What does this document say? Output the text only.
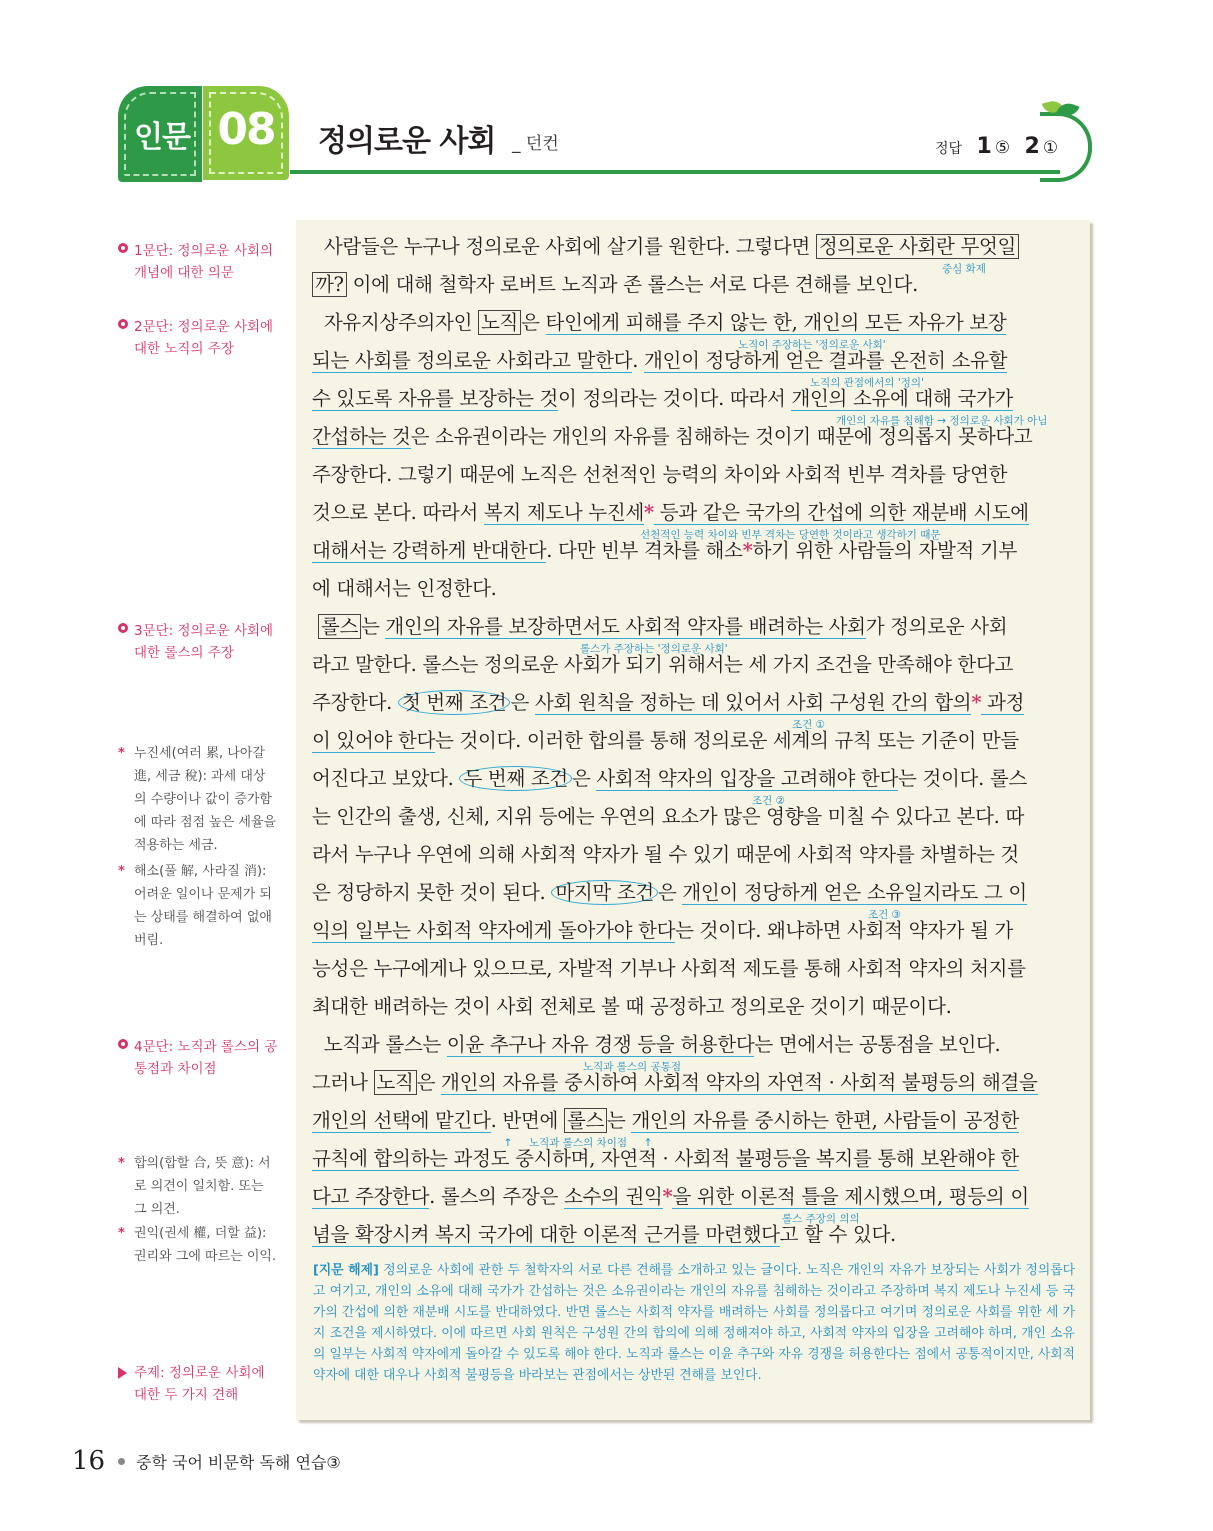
인문 08	정의로운 사회 _ 던컨	정답 1 ⑤ 2 ①
1문단: 정의로운 사회의 개념에 대한 의문
2문단: 정의로운 사회에 대한 노직의 주장
3문단: 정의로운 사회에 대한 롤스의 주장
* 누진세(여러 累, 나아갈 進, 세금 稅): 과세 대상의 수량이나 값이 증가함에 따라 점점 높은 세율을 적용하는 세금.
* 해소(풀 解, 사라질 消): 어려운 일이나 문제가 되는 상태를 해결하여 없애 버림.
4문단: 노직과 롤스의 공통점과 차이점
* 합의(합할 合, 뜻 意): 서로 의견이 일치함. 또는 그 의견.
* 권익(권세 權, 더할 益): 권리와 그에 따르는 이익.
주제: 정의로운 사회에 대한 두 가지 견해
사람들은 누구나 정의로운 사회에 살기를 원한다. 그렇다면 정의로운 사회란 무엇일
까? 이에 대해 철학자 로버트 노직과 존 롤스는 서로 다른 견해를 보인다.
자유지상주의자인 노직 은 타인에게 피해를 주지 않는 한, 개인의 모든 자유가 보장
되는 사회를 정의로운 사회라고 말한다. 개인이 정당하게 얻은 결과를 온전히 소유할
수 있도록 자유를 보장하는 것이 정의라는 것이다. 따라서 개인의 소유에 대해 국가가
간섭하는 것은 소유권이라는 개인의 자유를 침해하는 것이기 때문에 정의롭지 못하다고
주장한다. 그렇기 때문에 노직은 선천적인 능력의 차이와 사회적 빈부 격차를 당연한
것으로 본다. 따라서 복지 제도나 누진세* 등과 같은 국가의 간섭에 의한 재분배 시도에
대해서는 강력하게 반대한다. 다만 빈부 격차를 해소*하기 위한 사람들의 자발적 기부
에 대해서는 인정한다.
롤스 는 개인의 자유를 보장하면서도 사회적 약자를 배려하는 사회가 정의로운 사회
라고 말한다. 롤스는 정의로운 사회가 되기 위해서는 세 가지 조건을 만족해야 한다고
주장한다. 첫 번째 조건 은 사회 원칙을 정하는 데 있어서 사회 구성원 간의 합의* 과정
이 있어야 한다는 것이다. 이러한 합의를 통해 정의로운 세계의 규칙 또는 기준이 만들
어진다고 보았다. 두 번째 조건 은 사회적 약자의 입장을 고려해야 한다는 것이다. 롤스
는 인간의 출생, 신체, 지위 등에는 우연의 요소가 많은 영향을 미칠 수 있다고 본다. 따
라서 누구나 우연에 의해 사회적 약자가 될 수 있기 때문에 사회적 약자를 차별하는 것
은 정당하지 못한 것이 된다. 마지막 조건 은 개인이 정당하게 얻은 소유일지라도 그 이
익의 일부는 사회적 약자에게 돌아가야 한다는 것이다. 왜냐하면 사회적 약자가 될 가
능성은 누구에게나 있으므로, 자발적 기부나 사회적 제도를 통해 사회적 약자의 처지를
최대한 배려하는 것이 사회 전체로 볼 때 공정하고 정의로운 것이기 때문이다.
노직과 롤스는 이윤 추구나 자유 경쟁 등을 허용한다는 면에서는 공통점을 보인다.
그러나 노직 은 개인의 자유를 중시하여 사회적 약자의 자연적 · 사회적 불평등의 해결을
개인의 선택에 맡긴다. 반면에 롤스 는 개인의 자유를 중시하는 한편, 사람들이 공정한
규칙에 합의하는 과정도 중시하며, 자연적 · 사회적 불평등을 복지를 통해 보완해야 한
다고 주장한다. 롤스의 주장은 소수의 권익*을 위한 이론적 틀을 제시했으며, 평등의 이
념을 확장시켜 복지 국가에 대한 이론적 근거를 마련했다고 할 수 있다.
중심 화제
노직이 주장하는 '정의로운 사회'
노직의 관점에서의 '정의'
개인의 자유를 침해함 → 정의로운 사회가 아님
선천적인 능력 차이와 빈부 격차는 당연한 것이라고 생각하기 때문
롤스가 주장하는 '정의로운 사회'
조건 ①
조건 ②
조건 ③
노직과 롤스의 공통점
↑     노직과 롤스의 차이점     ↑
롤스 주장의 의의
[지문 해제] 정의로운 사회에 관한 두 철학자의 서로 다른 견해를 소개하고 있는 글이다. 노직은 개인의 자유가 보장되는 사회가 정의롭다고 여기고, 개인의 소유에 대해 국가가 간섭하는 것은 소유권이라는 개인의 자유를 침해하는 것이라고 주장하며 복지 제도나 누진세 등 국가의 간섭에 의한 재분배 시도를 반대하였다. 반면 롤스는 사회적 약자를 배려하는 사회를 정의롭다고 여기며 정의로운 사회를 위한 세 가지 조건을 제시하였다. 이에 따르면 사회 원칙은 구성원 간의 합의에 의해 정해져야 하고, 사회적 약자의 입장을 고려해야 하며, 개인 소유의 일부는 사회적 약자에게 돌아갈 수 있도록 해야 한다. 노직과 롤스는 이윤 추구와 자유 경쟁을 허용한다는 점에서 공통적이지만, 사회적 약자에 대한 대우나 사회적 불평등을 바라보는 관점에서는 상반된 견해를 보인다.
16 중학 국어 비문학 독해 연습③
